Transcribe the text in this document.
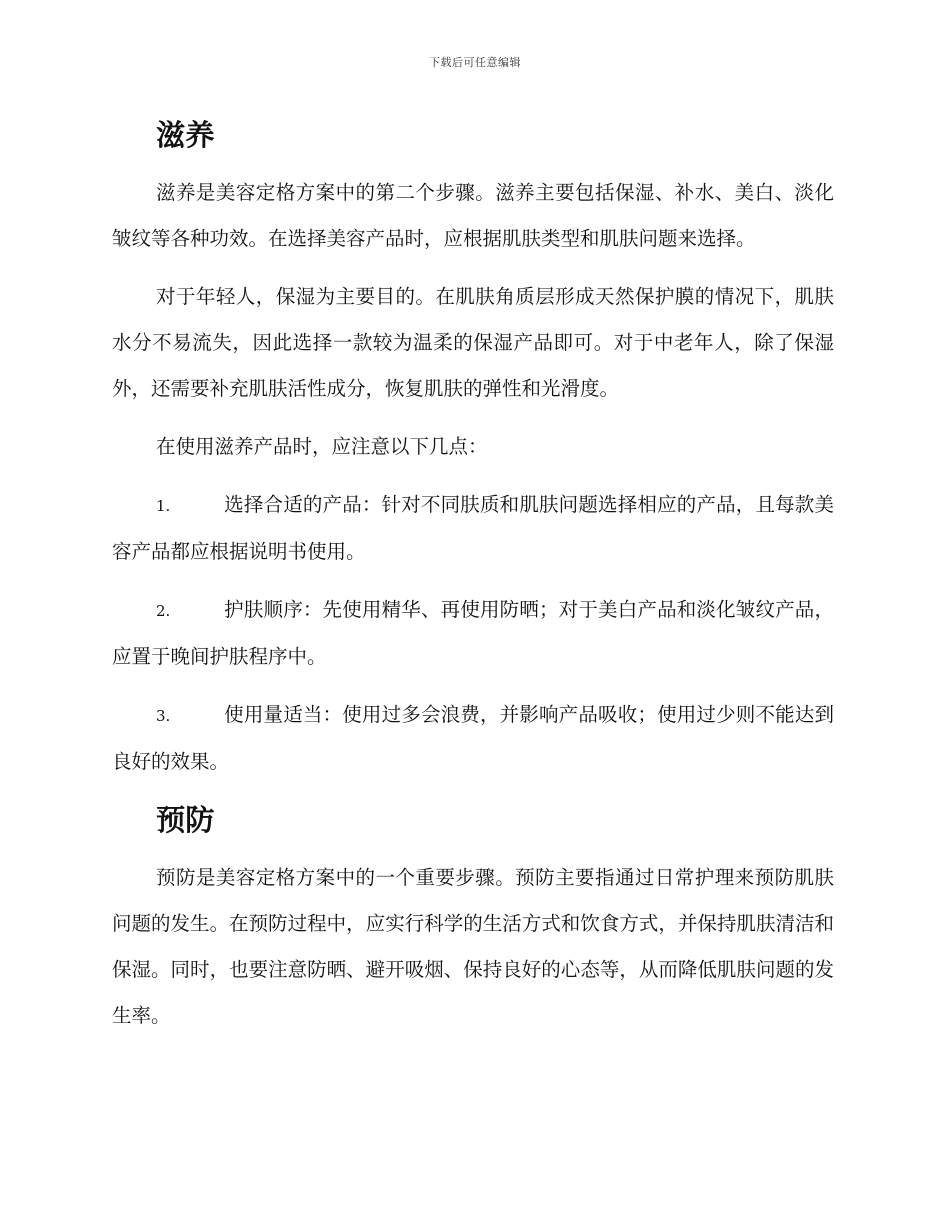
下载后可任意编辑
滋养

滋养是美容定格方案中的第二个步骤。滋养主要包括保湿、补水、美白、淡化皱纹等各种功效。在选择美容产品时，应根据肌肤类型和肌肤问题来选择。

对于年轻人，保湿为主要目的。在肌肤角质层形成天然保护膜的情况下，肌肤水分不易流失，因此选择一款较为温柔的保湿产品即可。对于中老年人，除了保湿外，还需要补充肌肤活性成分，恢复肌肤的弹性和光滑度。

在使用滋养产品时，应注意以下几点：

1.	选择合适的产品：针对不同肤质和肌肤问题选择相应的产品，且每款美容产品都应根据说明书使用。
2.	护肤顺序：先使用精华、再使用防晒；对于美白产品和淡化皱纹产品，应置于晚间护肤程序中。
3.	使用量适当：使用过多会浪费，并影响产品吸收；使用过少则不能达到良好的效果。
预防

预防是美容定格方案中的一个重要步骤。预防主要指通过日常护理来预防肌肤问题的发生。在预防过程中，应实行科学的生活方式和饮食方式，并保持肌肤清洁和保湿。同时，也要注意防晒、避开吸烟、保持良好的心态等，从而降低肌肤问题的发生率。
